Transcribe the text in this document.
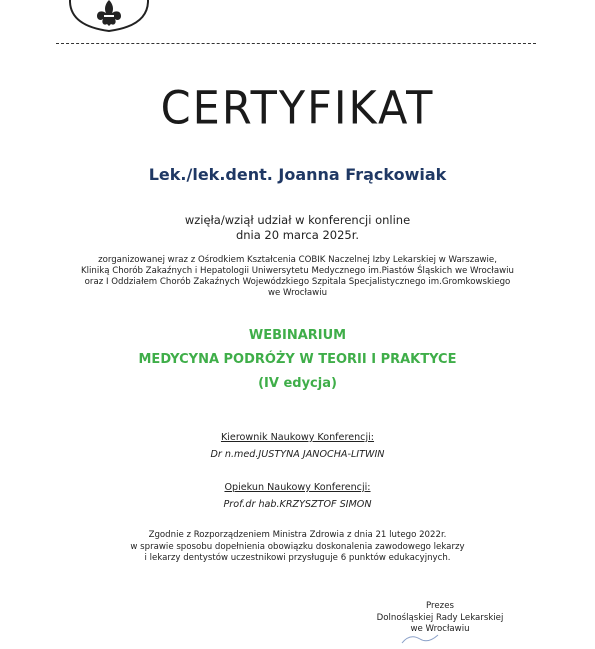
CERTYFIKAT
Lek./lek.dent. Joanna Frąckowiak
wzięła/wziął udział w konferencji online
dnia 20 marca 2025r.
zorganizowanej wraz z Ośrodkiem Kształcenia COBIK Naczelnej Izby Lekarskiej w Warszawie,
Kliniką Chorób Zakaźnych i Hepatologii Uniwersytetu Medycznego im.Piastów Śląskich we Wrocławiu
oraz I Oddziałem Chorób Zakaźnych Wojewódzkiego Szpitala Specjalistycznego im.Gromkowskiego
we Wrocławiu
WEBINARIUM
MEDYCYNA PODRÓŻY W TEORII I PRAKTYCE
(IV edycja)
Kierownik Naukowy Konferencji:
Dr n.med.JUSTYNA JANOCHA-LITWIN
Opiekun Naukowy Konferencji:
Prof.dr hab.KRZYSZTOF SIMON
Zgodnie z Rozporządzeniem Ministra Zdrowia z dnia 21 lutego 2022r.
w sprawie sposobu dopełnienia obowiązku doskonalenia zawodowego lekarzy
i lekarzy dentystów uczestnikowi przysługuje 6 punktów edukacyjnych.
Prezes
Dolnośląskiej Rady Lekarskiej
we Wrocławiu
